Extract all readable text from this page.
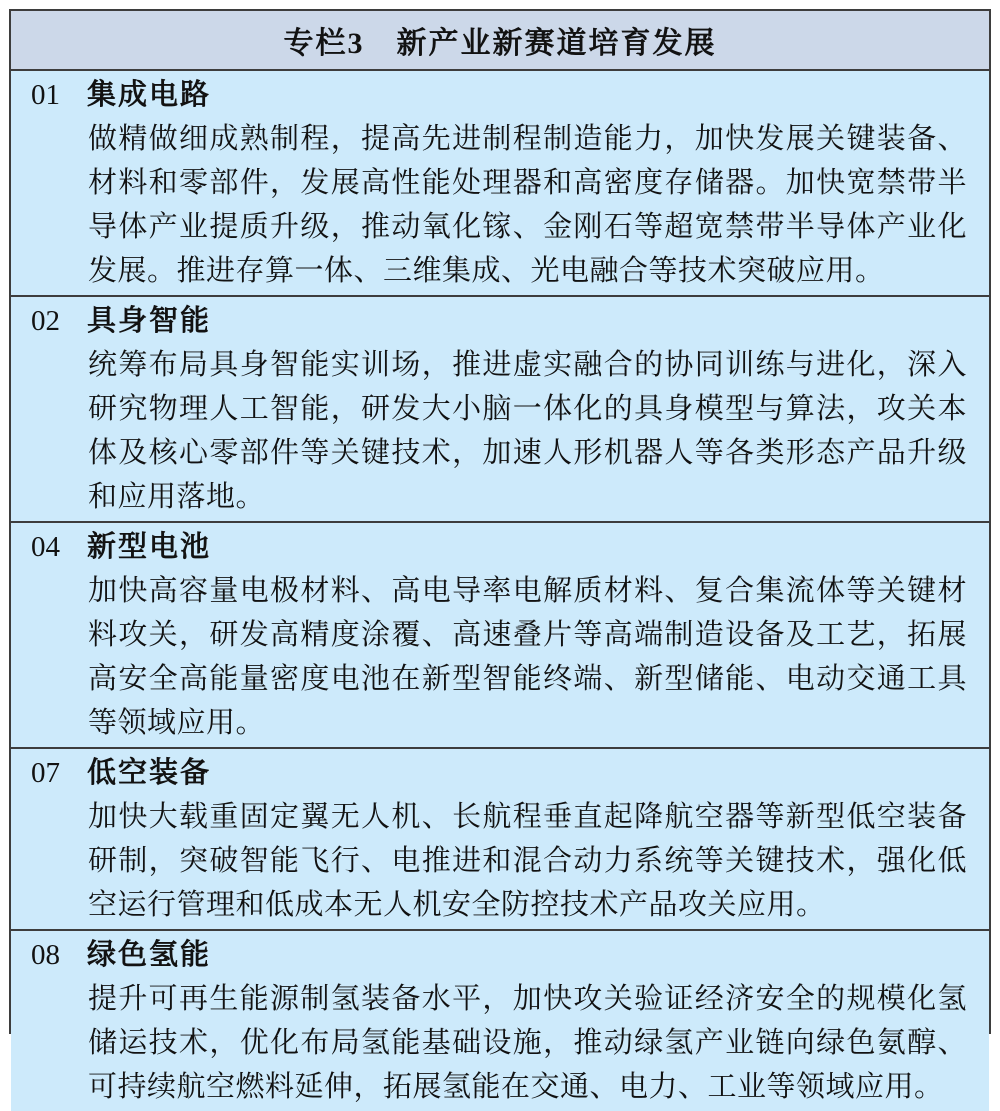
专栏3　新产业新赛道培育发展
01 集成电路

做精做细成熟制程，提高先进制程制造能力，加快发展关键装备、材料和零部件，发展高性能处理器和高密度存储器。加快宽禁带半导体产业提质升级，推动氧化镓、金刚石等超宽禁带半导体产业化发展。推进存算一体、三维集成、光电融合等技术突破应用。

02 具身智能

统筹布局具身智能实训场，推进虚实融合的协同训练与进化，深入研究物理人工智能，研发大小脑一体化的具身模型与算法，攻关本体及核心零部件等关键技术，加速人形机器人等各类形态产品升级和应用落地。

04 新型电池

加快高容量电极材料、高电导率电解质材料、复合集流体等关键材料攻关，研发高精度涂覆、高速叠片等高端制造设备及工艺，拓展高安全高能量密度电池在新型智能终端、新型储能、电动交通工具等领域应用。

07 低空装备

加快大载重固定翼无人机、长航程垂直起降航空器等新型低空装备研制，突破智能飞行、电推进和混合动力系统等关键技术，强化低空运行管理和低成本无人机安全防控技术产品攻关应用。

08 绿色氢能

提升可再生能源制氢装备水平，加快攻关验证经济安全的规模化氢储运技术，优化布局氢能基础设施，推动绿氢产业链向绿色氨醇、可持续航空燃料延伸，拓展氢能在交通、电力、工业等领域应用。
